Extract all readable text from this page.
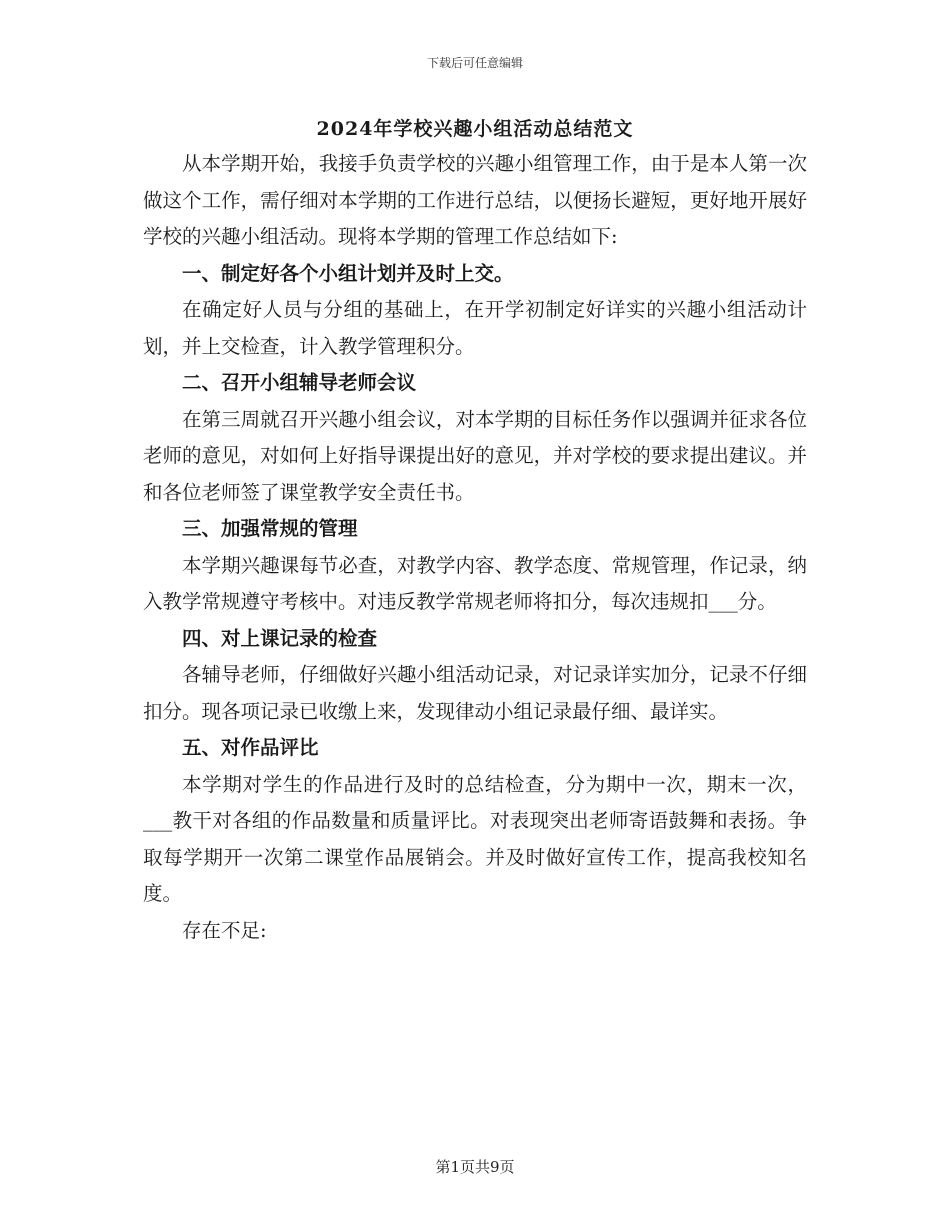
下载后可任意编辑
2024年学校兴趣小组活动总结范文

从本学期开始，我接手负责学校的兴趣小组管理工作，由于是本人第一次做这个工作，需仔细对本学期的工作进行总结，以便扬长避短，更好地开展好学校的兴趣小组活动。现将本学期的管理工作总结如下:

一、制定好各个小组计划并及时上交。

在确定好人员与分组的基础上，在开学初制定好详实的兴趣小组活动计划，并上交检查，计入教学管理积分。

二、召开小组辅导老师会议

在第三周就召开兴趣小组会议，对本学期的目标任务作以强调并征求各位老师的意见，对如何上好指导课提出好的意见，并对学校的要求提出建议。并和各位老师签了课堂教学安全责任书。

三、加强常规的管理

本学期兴趣课每节必查，对教学内容、教学态度、常规管理，作记录，纳入教学常规遵守考核中。对违反教学常规老师将扣分，每次违规扣___分。

四、对上课记录的检查

各辅导老师，仔细做好兴趣小组活动记录，对记录详实加分，记录不仔细扣分。现各项记录已收缴上来，发现律动小组记录最仔细、最详实。

五、对作品评比

本学期对学生的作品进行及时的总结检查，分为期中一次，期末一次，___教干对各组的作品数量和质量评比。对表现突出老师寄语鼓舞和表扬。争取每学期开一次第二课堂作品展销会。并及时做好宣传工作，提高我校知名度。

存在不足:

第1页共9页
